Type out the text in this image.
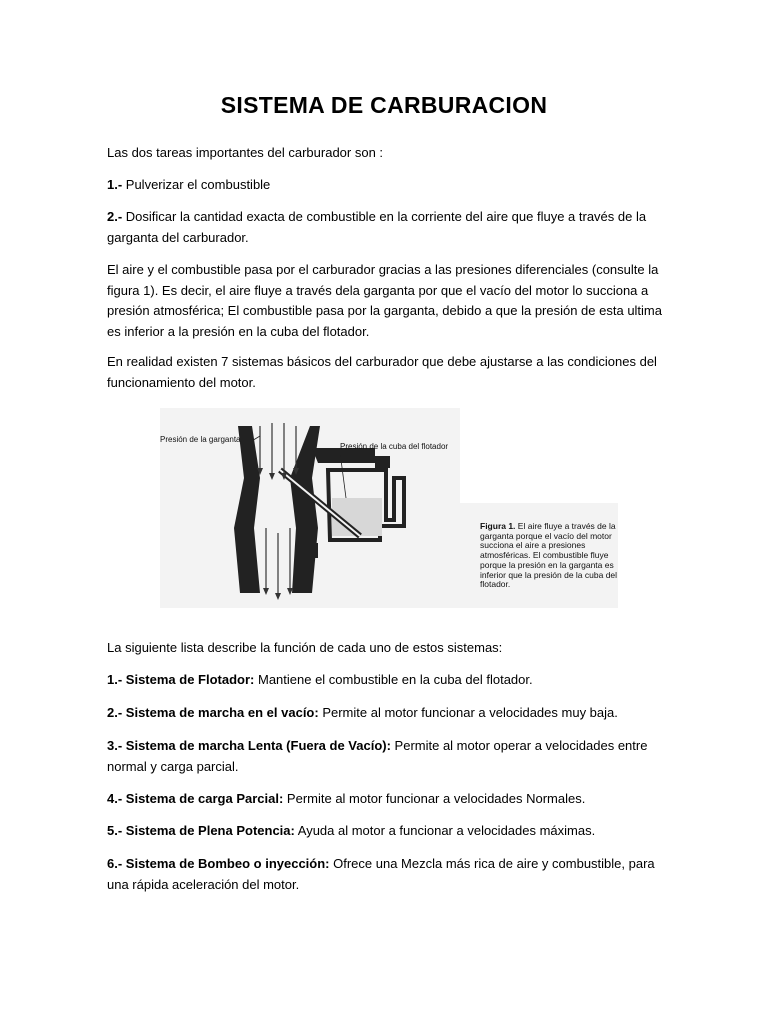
SISTEMA DE CARBURACION
Las dos tareas importantes del carburador son :
1.- Pulverizar el combustible
2.- Dosificar la cantidad exacta de combustible en la corriente del aire que fluye a través de la garganta del carburador.
El aire y el combustible pasa por el carburador gracias a las presiones diferenciales (consulte la figura 1). Es decir, el aire fluye a través dela garganta por que el vacío del motor lo succiona a presión atmosférica; El combustible pasa por la garganta, debido a que la presión de esta ultima es inferior a la presión en la cuba del flotador.
En realidad existen 7 sistemas básicos del carburador que debe ajustarse a las condiciones del funcionamiento del motor.
Presión de la garganta
Presión de la cuba del flotador
Figura 1. El aire fluye a través de la garganta porque el vacío del motor succiona el aire a presiones atmosféricas. El combustible fluye porque la presión en la garganta es inferior que la presión de la cuba del flotador.
La siguiente lista describe la función de cada uno de estos sistemas:
1.- Sistema de Flotador: Mantiene el combustible en la cuba del flotador.
2.- Sistema de marcha en el vacío: Permite al motor funcionar a velocidades muy baja.
3.- Sistema de marcha Lenta (Fuera de Vacío): Permite al motor operar a velocidades entre normal y carga parcial.
4.- Sistema de carga Parcial: Permite al motor funcionar a velocidades Normales.
5.- Sistema de Plena Potencia: Ayuda al motor a funcionar a velocidades máximas.
6.- Sistema de Bombeo o inyección: Ofrece una Mezcla más rica de aire y combustible, para una rápida aceleración del motor.
